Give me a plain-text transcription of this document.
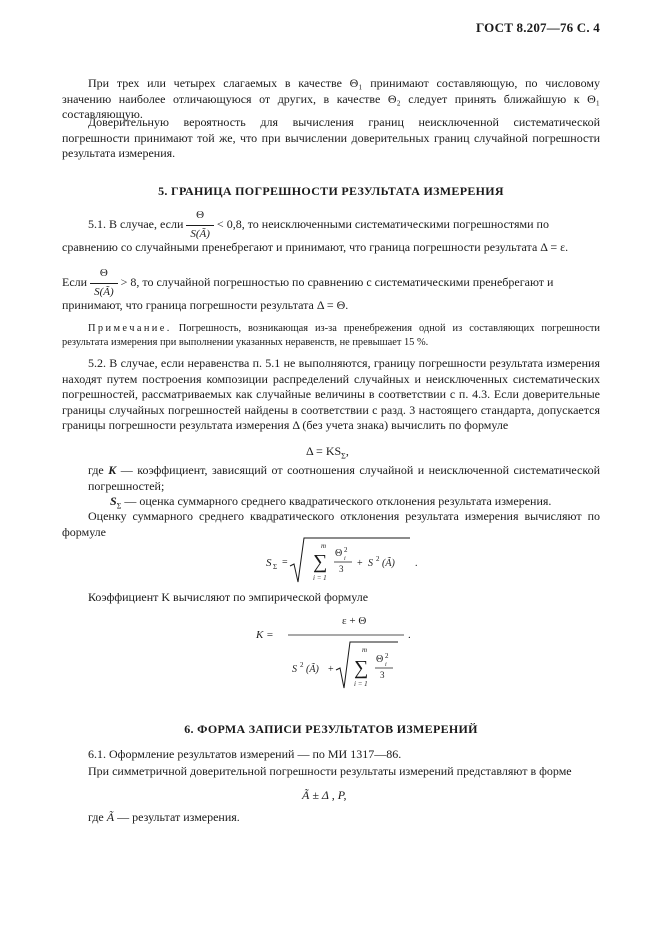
ГОСТ 8.207—76 С. 4

При трех или четырех слагаемых в качестве Θ₁ принимают составляющую, по числовому значению наиболее отличающуюся от других, в качестве Θ₂ следует принять ближайшую к Θ₁ составляющую.

Доверительную вероятность для вычисления границ неисключенной систематической погрешности принимают той же, что при вычислении доверительных границ случайной погрешности результата измерения.

5. ГРАНИЦА ПОГРЕШНОСТИ РЕЗУЛЬТАТА ИЗМЕРЕНИЯ
5.1. В случае, если $\frac{\Theta}{S(Ã)} < 0,8$, то неисключенными систематическими погрешностями по
сравнению со случайными пренебрегают и принимают, что граница погрешности результата Δ = ε.
Если $\frac{\Theta}{S(Ã)} > 8$, то случайной погрешностью по сравнению с систематическими пренебрегают и
принимают, что граница погрешности результата Δ = Θ.

Примечание. Погрешность, возникающая из-за пренебрежения одной из составляющих погрешности результата измерения при выполнении указанных неравенств, не превышает 15 %.

5.2. В случае, если неравенства п. 5.1 не выполняются, границу погрешности результата измерения находят путем построения композиции распределений случайных и неисключенных систематических погрешностей, рассматриваемых как случайные величины в соответствии с п. 4.3. Если доверительные границы случайных погрешностей найдены в соответствии с разд. 3 настоящего стандарта, допускается границы погрешности результата измерения Δ (без учета знака) вычислить по формуле

$\Delta = KS_\Sigma$,
где K — коэффициент, зависящий от соотношения случайной и неисключенной систематической погрешностей;
$S_\Sigma$ — оценка суммарного среднего квадратического отклонения результата измерения.

Оценку суммарного среднего квадратического отклонения результата измерения вычисляют по формуле

S Σ =
m
∑
i = 1
Θ 2
i
3 + S 2 (Ã) .
Коэффициент K вычисляют по эмпирической формуле
K =
ε + Θ
.
S 2 (Ã) +
m
∑
i = 1
Θ 2
i
3
6. ФОРМА ЗАПИСИ РЕЗУЛЬТАТОВ ИЗМЕРЕНИЙ
6.1. Оформление результатов измерений — по МИ 1317—86.
При симметричной доверительной погрешности результаты измерений представляют в форме
Ã ± Δ , P,
где Ã — результат измерения.
